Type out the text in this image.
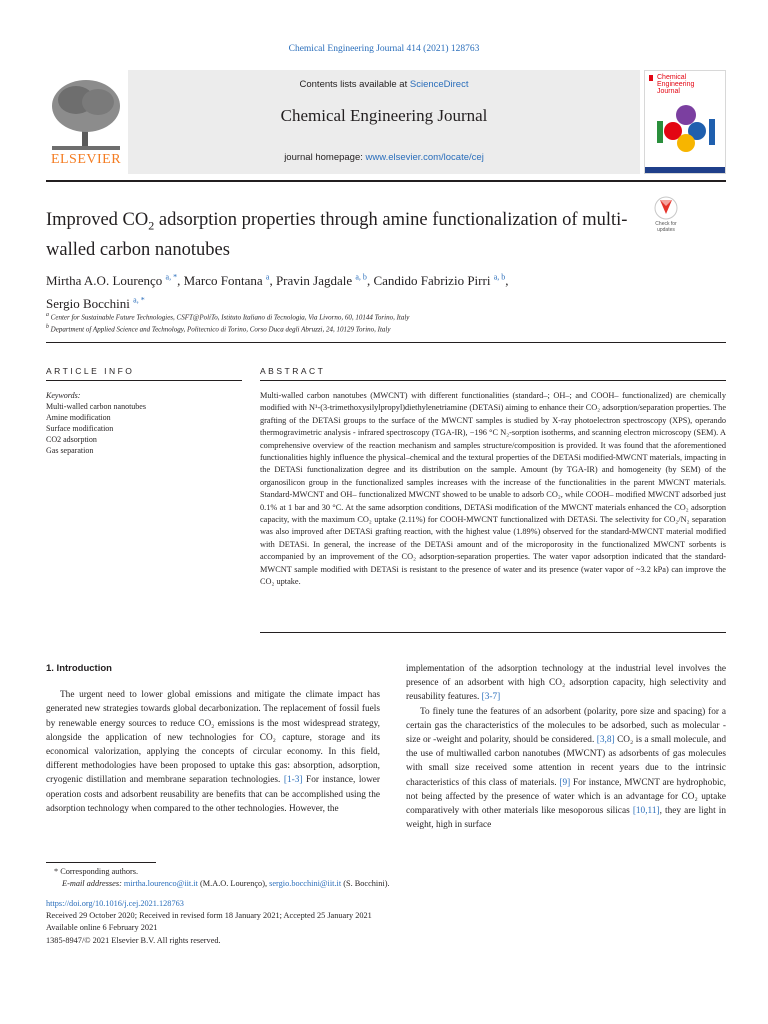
Chemical Engineering Journal 414 (2021) 128763
ELSEVIER
Contents lists available at ScienceDirect
Chemical Engineering Journal
journal homepage: www.elsevier.com/locate/cej
Chemical
Engineering
Journal
Improved $CO_2$ adsorption properties through amine functionalization of multi-walled carbon nanotubes
Check for
updates
Mirtha A.O. Lourenço $^{a, *}$, Marco Fontana $^a$, Pravin Jagdale $^{a, b}$, Candido Fabrizio Pirri $^{a, b}$,
Sergio Bocchini $^{a, *}$
$^a$ Center for Sustainable Future Technologies, CSFT@PoliTo, Istituto Italiano di Tecnologia, Via Livorno, 60, 10144 Torino, Italy
$^b$ Department of Applied Science and Technology, Politecnico di Torino, Corso Duca degli Abruzzi, 24, 10129 Torino, Italy
ARTICLE INFO	ABSTRACT
Keywords:
Multi-walled carbon nanotubes
Amine modification
Surface modification
CO2 adsorption
Gas separation
Multi-walled carbon nanotubes (MWCNT) with different functionalities (standard–; OH–; and COOH– functionalized) are chemically modified with N¹-(3-trimethoxysilylpropyl)diethylenetriamine (DETASi) aiming to enhance their CO₂ adsorption/separation properties. The grafting of the DETASi groups to the surface of the MWCNT samples is studied by X-ray photoelectron spectroscopy (XPS), operando thermogravimetric analysis - infrared spectroscopy (TGA-IR), −196 °C N₂-sorption isotherms, and scanning electron microscopy (SEM). A comprehensive overview of the reaction mechanism and samples structure/composition is provided. It was found that the aforementioned functionalities highly influence the physical–chemical and the textural properties of the DETASi modified-MWCNT materials, impacting in the DETASi functionalization degree and its distribution on the sample. Amount (by TGA-IR) and homogeneity (by SEM) of the organosilicon group in the functionalized samples increases with the increase of the functionalities in the parent MWCNT materials. Standard-MWCNT and OH– functionalized MWCNT showed to be unable to adsorb CO₂, while COOH– modified MWCNT adsorbed just 0.1% at 1 bar and 30 °C. At the same adsorption conditions, DETASi modification of the MWCNT materials enhanced the CO₂ adsorption capacity, with the maximum CO₂ uptake (2.11%) for COOH-MWCNT functionalized with DETASi. The selectivity for CO₂/N₂ separation was also improved after DETASi grafting reaction, with the highest value (1.89%) observed for the standard-MWCNT material modified with DETASi. In general, the increase of the DETASi amount and of the microporosity in the functionalized MWCNT sorbents is accompanied by an improvement of the CO₂ adsorption-separation properties. The water vapor adsorption indicated that the standard-MWCNT sample modified with DETASi is resistant to the presence of water and its presence (water vapor of ~3.2 kPa) can improve the CO₂ uptake.
1. Introduction

The urgent need to lower global emissions and mitigate the climate impact has generated new strategies towards global decarbonization. The replacement of fossil fuels by renewable energy sources to reduce CO₂ emissions is the most widespread strategy, alongside the application of new technologies for CO₂ capture, storage and its economical valorization, applying the concepts of circular economy. In this field, different methodologies have been proposed to uptake this gas: absorption, adsorption, cryogenic distillation and membrane separation technologies. [1-3] For instance, lower operation costs and adsorbent reusability are benefits that can be accomplished using the adsorption technology when compared to the other technologies. However, the

implementation of the adsorption technology at the industrial level involves the presence of an adsorbent with high CO₂ adsorption capacity, high selectivity and reusability features. [3-7]

To finely tune the features of an adsorbent (polarity, pore size and spacing) for a certain gas the characteristics of the molecules to be adsorbed, such as molecular -size or -weight and polarity, should be considered. [3,8] CO₂ is a small molecule, and the use of multiwalled carbon nanotubes (MWCNT) as adsorbents of gas molecules with small size received some attention in recent years due to the intrinsic characteristics of this class of materials. [9] For instance, MWCNT are hydrophobic, not being affected by the presence of water which is an advantage for CO₂ uptake comparatively with other materials like mesoporous silicas [10,11], they are light in weight, high in surface

* Corresponding authors.
E-mail addresses: mirtha.lourenco@iit.it (M.A.O. Lourenço), sergio.bocchini@iit.it (S. Bocchini).
https://doi.org/10.1016/j.cej.2021.128763
Received 29 October 2020; Received in revised form 18 January 2021; Accepted 25 January 2021
Available online 6 February 2021
1385-8947/© 2021 Elsevier B.V. All rights reserved.
